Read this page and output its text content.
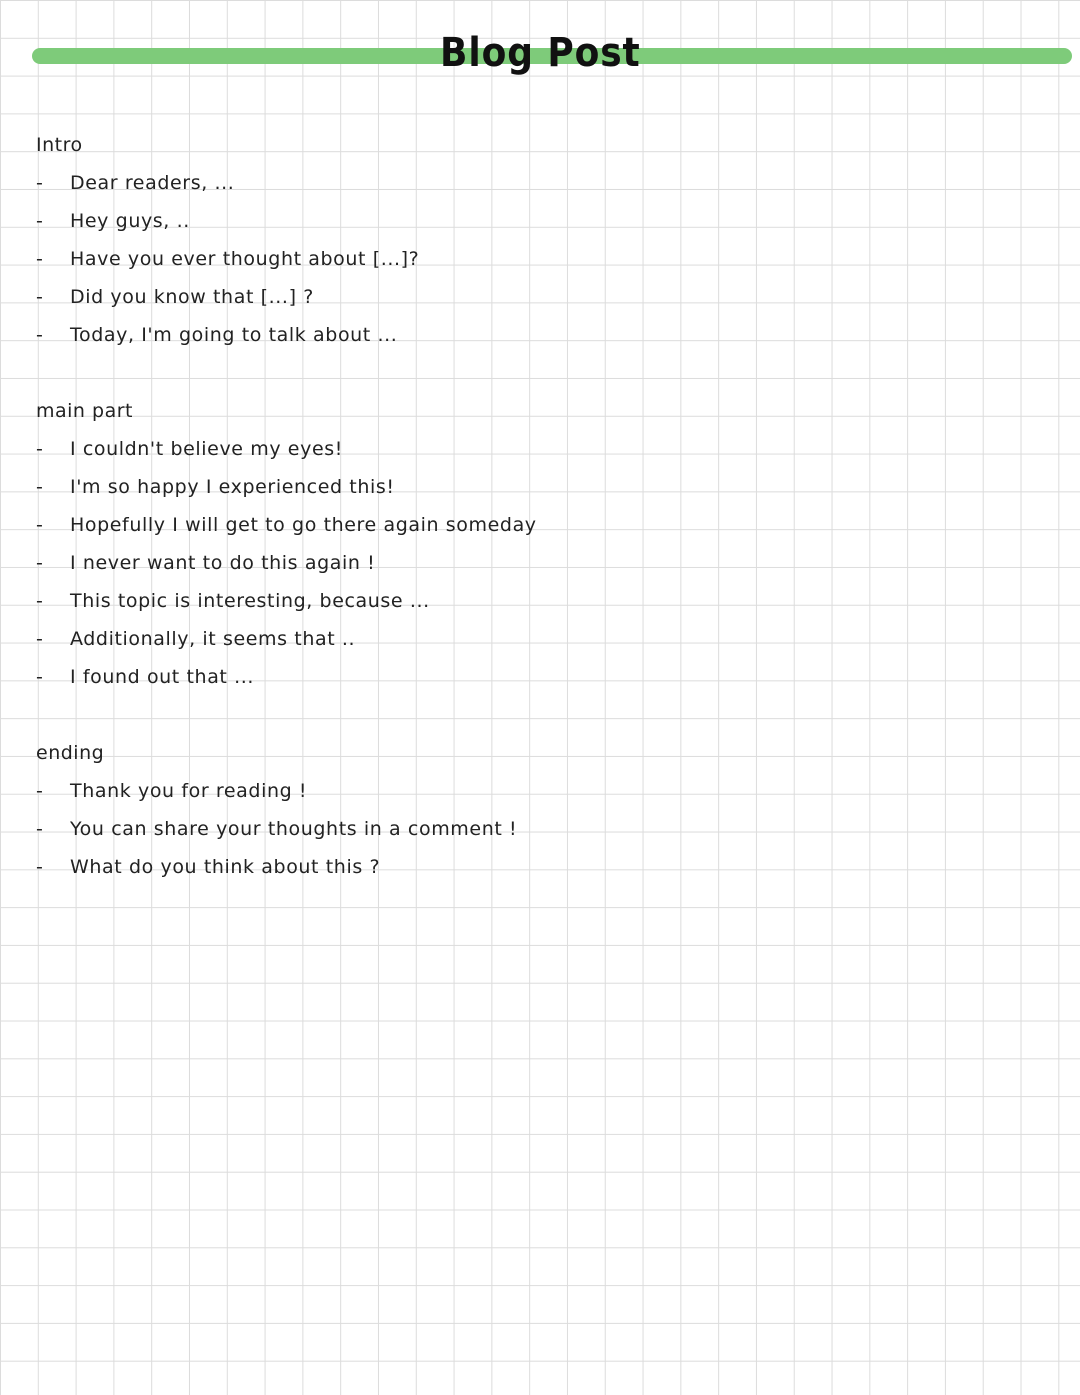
Blog Post
Intro
- Dear readers, ...
- Hey guys, ..
- Have you ever thought about [...]?
- Did you know that [...] ?
- Today, I'm going to talk about ...
main part
- I couldn't believe my eyes!
- I'm so happy I experienced this!
- Hopefully I will get to go there again someday
- I never want to do this again !
- This topic is interesting, because ...
- Additionally, it seems that ..
- I found out that ...
ending
- Thank you for reading !
- You can share your thoughts in a comment !
- What do you think about this ?
